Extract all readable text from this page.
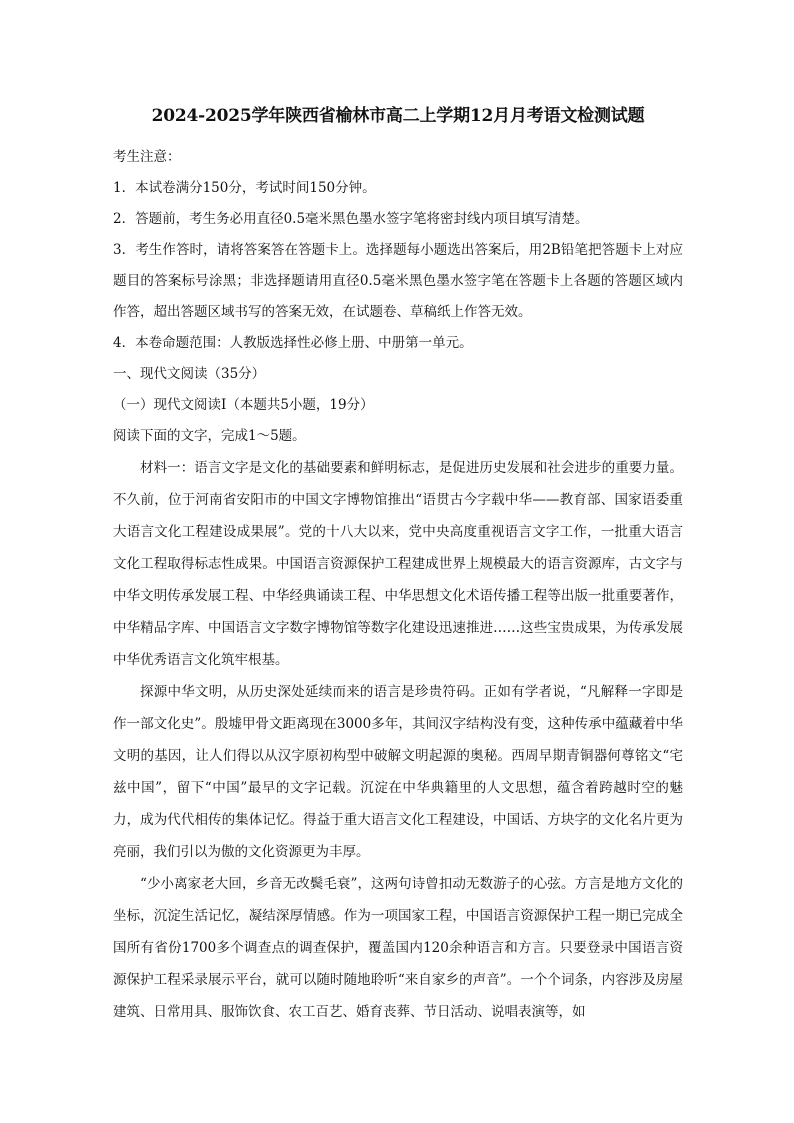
2024-2025学年陕西省榆林市高二上学期12月月考语文检测试题

考生注意：

1．本试卷满分150分，考试时间150分钟。

2．答题前，考生务必用直径0.5毫米黑色墨水签字笔将密封线内项目填写清楚。

3．考生作答时，请将答案答在答题卡上。选择题每小题选出答案后，用2B铅笔把答题卡上对应题目的答案标号涂黑；非选择题请用直径0.5毫米黑色墨水签字笔在答题卡上各题的答题区域内作答，超出答题区域书写的答案无效，在试题卷、草稿纸上作答无效。

4．本卷命题范围：人教版选择性必修上册、中册第一单元。

一、现代文阅读（35分）

（一）现代文阅读Ⅰ（本题共5小题，19分）

阅读下面的文字，完成1～5题。

材料一：语言文字是文化的基础要素和鲜明标志，是促进历史发展和社会进步的重要力量。不久前，位于河南省安阳市的中国文字博物馆推出“语贯古今字载中华——教育部、国家语委重大语言文化工程建设成果展”。党的十八大以来，党中央高度重视语言文字工作，一批重大语言文化工程取得标志性成果。中国语言资源保护工程建成世界上规模最大的语言资源库，古文字与中华文明传承发展工程、中华经典诵读工程、中华思想文化术语传播工程等出版一批重要著作，中华精品字库、中国语言文字数字博物馆等数字化建设迅速推进……这些宝贵成果，为传承发展中华优秀语言文化筑牢根基。

探源中华文明，从历史深处延续而来的语言是珍贵符码。正如有学者说，“凡解释一字即是作一部文化史”。殷墟甲骨文距离现在3000多年，其间汉字结构没有变，这种传承中蕴藏着中华文明的基因，让人们得以从汉字原初构型中破解文明起源的奥秘。西周早期青铜器何尊铭文“宅兹中国”，留下“中国”最早的文字记载。沉淀在中华典籍里的人文思想，蕴含着跨越时空的魅力，成为代代相传的集体记忆。得益于重大语言文化工程建设，中国话、方块字的文化名片更为亮丽，我们引以为傲的文化资源更为丰厚。

“少小离家老大回，乡音无改鬓毛衰”，这两句诗曾扣动无数游子的心弦。方言是地方文化的坐标，沉淀生活记忆，凝结深厚情感。作为一项国家工程，中国语言资源保护工程一期已完成全国所有省份1700多个调查点的调查保护，覆盖国内120余种语言和方言。只要登录中国语言资源保护工程采录展示平台，就可以随时随地聆听“来自家乡的声音”。一个个词条，内容涉及房屋建筑、日常用具、服饰饮食、农工百艺、婚育丧葬、节日活动、说唱表演等，如
